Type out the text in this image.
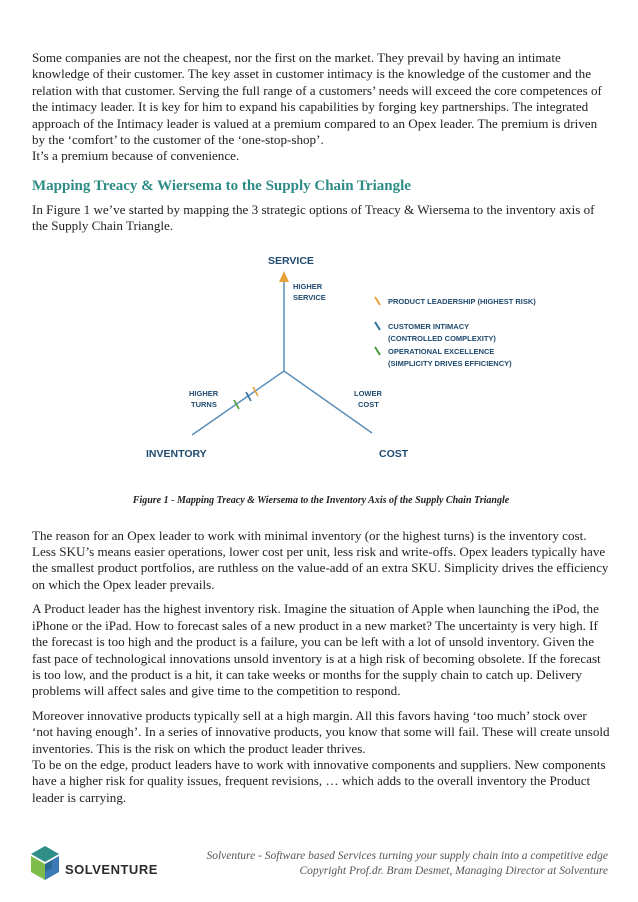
Some companies are not the cheapest, nor the first on the market. They prevail by having an intimate knowledge of their customer. The key asset in customer intimacy is the knowledge of the customer and the relation with that customer. Serving the full range of a customers’ needs will exceed the core competences of the intimacy leader. It is key for him to expand his capabilities by forging key partnerships. The integrated approach of the Intimacy leader is valued at a premium compared to an Opex leader. The premium is driven by the ‘comfort’ to the customer of the ‘one-stop-shop’.

It’s a premium because of convenience.

Mapping Treacy & Wiersema to the Supply Chain Triangle

In Figure 1 we’ve started by mapping the 3 strategic options of Treacy & Wiersema to the inventory axis of the Supply Chain Triangle.

SERVICE
INVENTORY	COST
HIGHER
SERVICE
HIGHER
TURNS
LOWER
COST
PRODUCT LEADERSHIP (HIGHEST RISK)
CUSTOMER INTIMACY
(CONTROLLED COMPLEXITY)
OPERATIONAL EXCELLENCE
(SIMPLICITY DRIVES EFFICIENCY)
Figure 1 - Mapping Treacy & Wiersema to the Inventory Axis of the Supply Chain Triangle

The reason for an Opex leader to work with minimal inventory (or the highest turns) is the inventory cost. Less SKU’s means easier operations, lower cost per unit, less risk and write-offs. Opex leaders typically have the smallest product portfolios, are ruthless on the value-add of an extra SKU. Simplicity drives the efficiency on which the Opex leader prevails.

A Product leader has the highest inventory risk. Imagine the situation of Apple when launching the iPod, the iPhone or the iPad. How to forecast sales of a new product in a new market? The uncertainty is very high. If the forecast is too high and the product is a failure, you can be left with a lot of unsold inventory. Given the fast pace of technological innovations unsold inventory is at a high risk of becoming obsolete. If the forecast is too low, and the product is a hit, it can take weeks or months for the supply chain to catch up. Delivery problems will affect sales and give time to the competition to respond.

Moreover innovative products typically sell at a high margin. All this favors having ‘too much’ stock over ‘not having enough’. In a series of innovative products, you know that some will fail. These will create unsold inventories. This is the risk on which the product leader thrives.

To be on the edge, product leaders have to work with innovative components and suppliers. New components have a higher risk for quality issues, frequent revisions, … which adds to the overall inventory the Product leader is carrying.

SOLVENTURE
Solventure - Software based Services turning your supply chain into a competitive edge
Copyright Prof.dr. Bram Desmet, Managing Director at Solventure
